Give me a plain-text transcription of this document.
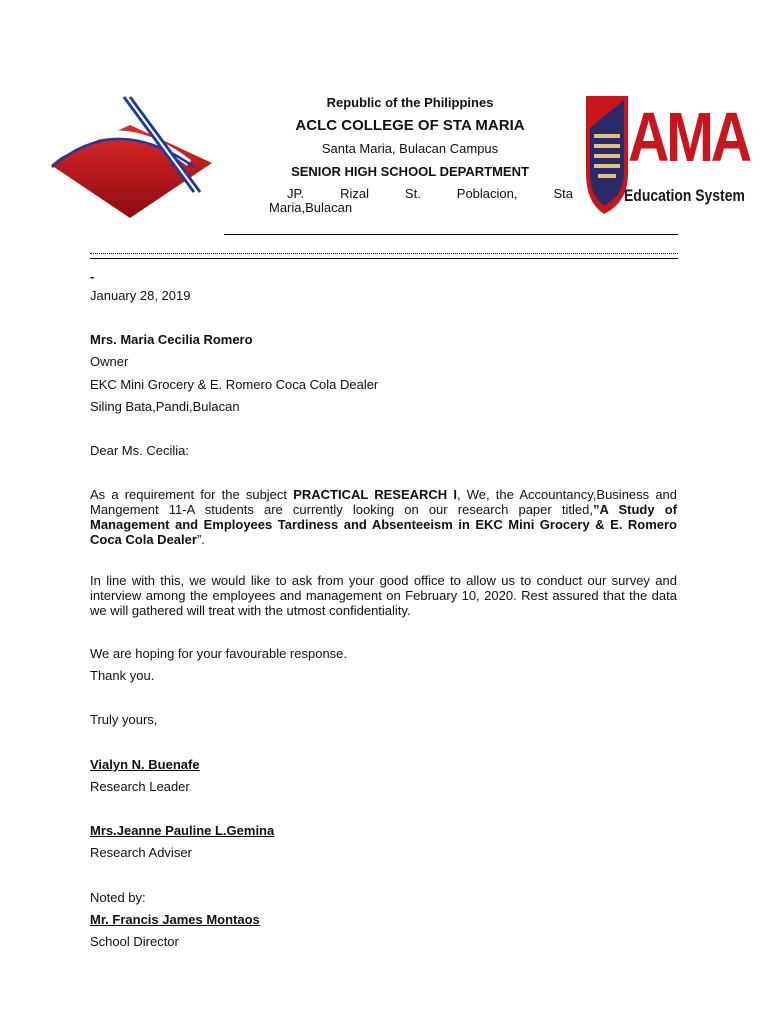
AMA
Education System
Republic of the Philippines
ACLC COLLEGE OF STA MARIA
Santa Maria, Bulacan Campus
SENIOR HIGH SCHOOL DEPARTMENT
JP.	Rizal	St.	Poblacion,	Sta
Maria,Bulacan
-
January 28, 2019
Mrs. Maria Cecilia Romero
Owner
EKC Mini Grocery & E. Romero Coca Cola Dealer
Siling Bata,Pandi,Bulacan
Dear Ms. Cecilia:
As a requirement for the subject PRACTICAL RESEARCH I, We, the Accountancy,Business and Mangement 11-A students are currently looking on our research paper titled,”A Study of Management and Employees Tardiness and Absenteeism in EKC Mini Grocery & E. Romero Coca Cola Dealer”.
In line with this, we would like to ask from your good office to allow us to conduct our survey and interview among the employees and management on February 10, 2020. Rest assured that the data we will gathered will treat with the utmost confidentiality.
We are hoping for your favourable response.
Thank you.
Truly yours,
Vialyn N. Buenafe
Research Leader
Mrs.Jeanne Pauline L.Gemina
Research Adviser
Noted by:
Mr. Francis James Montaos
School Director
